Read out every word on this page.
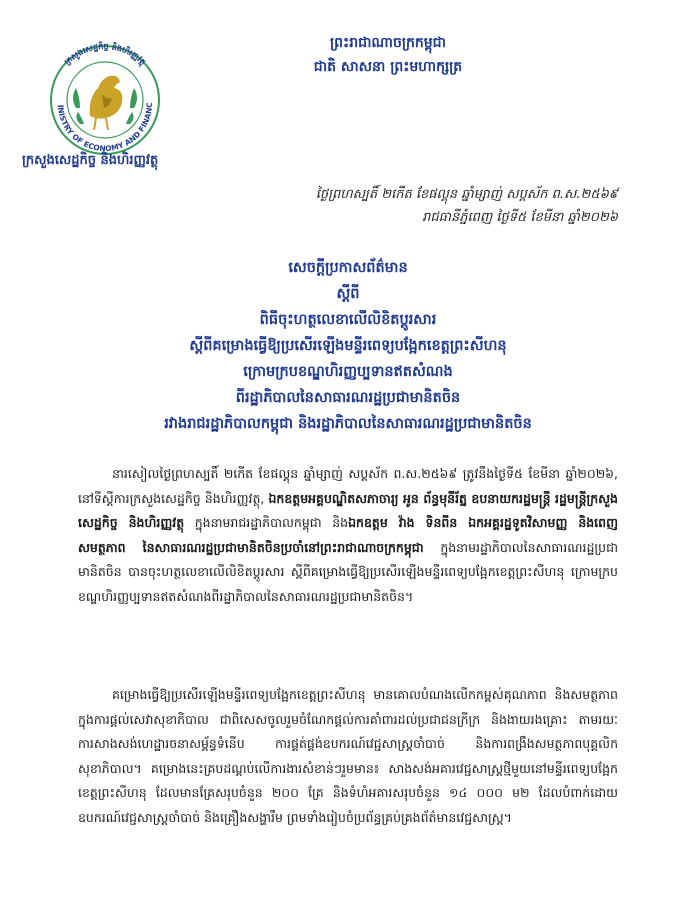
INISTRY OF ECONOMY AND FINANC
ក្រសួងសេដ្ឋកិច្ច និងហិរញ្ញវត្ថុ
ក្រសួងសេដ្ឋកិច្ច និងហិរញ្ញវត្ថុ
ព្រះរាជាណាចក្រកម្ពុជា
ជាតិ សាសនា ព្រះមហាក្សត្រ
ថ្ងៃព្រហស្បតិ៍ ២កើត ខែផល្គុន ឆ្នាំម្សាញ់ សប្តស័ក ព.ស.២៥៦៩
រាជធានីភ្នំពេញ ថ្ងៃទី៥ ខែមីនា ឆ្នាំ២០២៦
សេចក្តីប្រកាសព័ត៌មាន
ស្តីពី
ពិធីចុះហត្ថលេខាលើលិខិតប្តូរសារ
ស្តីពីគម្រោងធ្វើឱ្យប្រសើរឡើងមន្ទីរពេទ្យបង្អែកខេត្តព្រះសីហនុ
ក្រោមក្របខណ្ឌហិរញ្ញប្បទានឥតសំណង
ពីរដ្ឋាភិបាលនៃសាធារណរដ្ឋប្រជាមានិតចិន
រវាងរាជរដ្ឋាភិបាលកម្ពុជា និងរដ្ឋាភិបាលនៃសាធារណរដ្ឋប្រជាមានិតចិន
នារសៀលថ្ងៃព្រហស្បតិ៍ ២កើត ខែផល្គុន ឆ្នាំម្សាញ់ សប្តស័ក ព.ស.២៥៦៩ ត្រូវនឹងថ្ងៃទី៥ ខែមីនា ឆ្នាំ២០២៦, នៅទីស្តីការក្រសួងសេដ្ឋកិច្ច និងហិរញ្ញវត្ថុ, ឯកឧត្តមអគ្គបណ្ឌិតសភាចារ្យ អូន ព័ន្ធមុនីរ័ត្ន ឧបនាយករដ្ឋមន្ត្រី រដ្ឋមន្ត្រីក្រសួងសេដ្ឋកិច្ច និងហិរញ្ញវត្ថុ ក្នុងនាមរាជរដ្ឋាភិបាលកម្ពុជា និងឯកឧត្តម វ៉ាង ទិនពីន ឯកអគ្គរដ្ឋទូតវិសាមញ្ញ និងពេញសមត្ថភាព នៃសាធារណរដ្ឋប្រជាមានិតចិនប្រចាំនៅព្រះរាជាណាចក្រកម្ពុជា ក្នុងនាមរដ្ឋាភិបាលនៃសាធារណរដ្ឋប្រជាមានិតចិន បានចុះហត្ថលេខាលើលិខិតប្តូរសារ ស្តីពីគម្រោងធ្វើឱ្យប្រសើរឡើងមន្ទីរពេទ្យបង្អែកខេត្តព្រះសីហនុ ក្រោមក្របខណ្ឌហិរញ្ញប្បទានឥតសំណងពីរដ្ឋាភិបាលនៃសាធារណរដ្ឋប្រជាមានិតចិន។
គម្រោងធ្វើឱ្យប្រសើរឡើងមន្ទីរពេទ្យបង្អែកខេត្តព្រះសីហនុ មានគោលបំណងលើកកម្ពស់គុណភាព និងសមត្ថភាពក្នុងការផ្តល់សេវាសុខាភិបាល ជាពិសេសចូលរួមចំណែកផ្តល់ការគាំពារដល់ប្រជាជនក្រីក្រ និងងាយរងគ្រោះ តាមរយៈការសាងសង់ហេដ្ឋារចនាសម្ព័ន្ធទំនើប ការផ្គត់ផ្គង់ឧបករណ៍វេជ្ជសាស្ត្រចាំបាច់ និងការពង្រឹងសមត្ថភាពបុគ្គលិកសុខាភិបាល។ គម្រោងនេះគ្របដណ្តប់លើការងារសំខាន់ៗរួមមាន៖ សាងសង់អគារវេជ្ជសាស្ត្រថ្មីមួយនៅមន្ទីរពេទ្យបង្អែកខេត្តព្រះសីហនុ ដែលមានគ្រែសរុបចំនួន ២០០ គ្រែ និងទំហំអគារសរុបចំនួន ១៤ ០០០ ម២ ដែលបំពាក់ដោយឧបករណ៍វេជ្ជសាស្ត្រចាំបាច់ និងគ្រឿងសង្ហារឹម ព្រមទាំងរៀបចំប្រព័ន្ធគ្រប់គ្រងព័ត៌មានវេជ្ជសាស្ត្រ។
